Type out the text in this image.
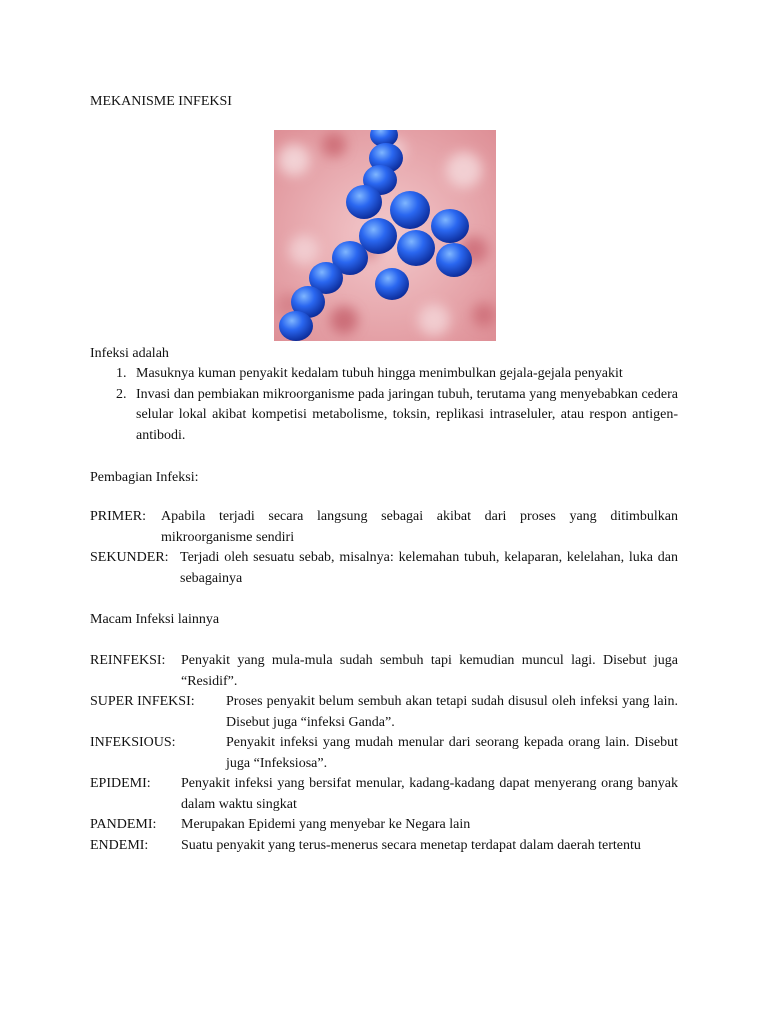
MEKANISME INFEKSI
Infeksi adalah
1. Masuknya kuman penyakit kedalam tubuh hingga menimbulkan gejala-gejala penyakit
2. Invasi dan pembiakan mikroorganisme pada jaringan tubuh, terutama yang menyebabkan cedera selular lokal akibat kompetisi metabolisme, toksin, replikasi intraseluler, atau respon antigen-antibodi.
Pembagian Infeksi:
PRIMER:	Apabila terjadi secara langsung sebagai akibat dari proses yang ditimbulkan mikroorganisme sendiri
SEKUNDER: Terjadi oleh sesuatu sebab, misalnya: kelemahan tubuh, kelaparan, kelelahan, luka dan sebagainya
Macam Infeksi lainnya
REINFEKSI:	Penyakit yang mula-mula sudah sembuh tapi kemudian muncul lagi. Disebut juga “Residif”.
SUPER INFEKSI:	Proses penyakit belum sembuh akan tetapi sudah disusul oleh infeksi yang lain. Disebut juga “infeksi Ganda”.
INFEKSIOUS:	Penyakit infeksi yang mudah menular dari seorang kepada orang lain. Disebut juga “Infeksiosa”.
EPIDEMI:	Penyakit infeksi yang bersifat menular, kadang-kadang dapat menyerang orang banyak dalam waktu singkat
PANDEMI:	Merupakan Epidemi yang menyebar ke Negara lain
ENDEMI:	Suatu penyakit yang terus-menerus secara menetap terdapat dalam daerah tertentu
